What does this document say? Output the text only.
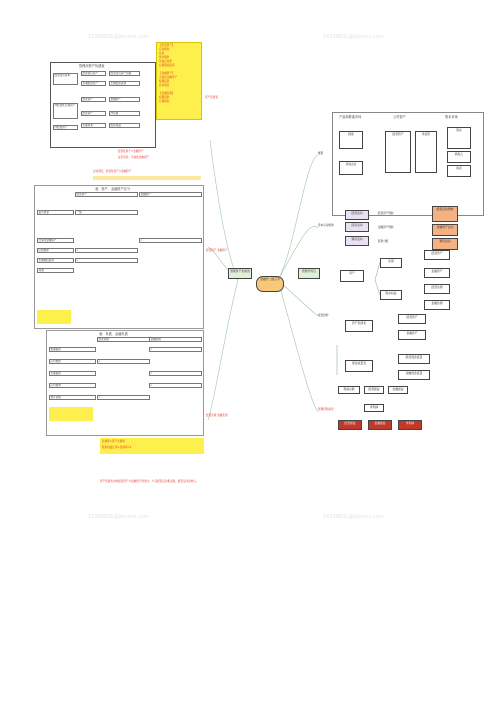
16189831@jianshu.com	16189831@jianshu.com
16189831@jianshu.com	16189831@jianshu.com
管理用资产负债表
经营营运资产	经营营运资产负债
长期经营资产	长期经营负债
经营资产	金融资产
经营资产	净负债
长期资本	股东权益
经营营运资本
净经营性长期资产
净经营资产
【经营资产】
应收账款
存货
预付账款
其他应收款
长期股权投资
【金融资产】
交易性金融资产
短期投资
应收利息
【金融负债】
短期借款
长期借款
资产负债表
经营性资产=金融资产
货币资金、交易性金融资产
应收利息，经营性资产=金融资产
表：资产、金融资产区分
经营资产	金融资产
货币资金	一般
交易性金融资产	√
应收账款	√
长期股权投资	√
其他
经营资产 金融资产
表：负债、金融负债
经营负债	金融负债
短期借款	√
应付账款	√
长期借款	√
应付债券	√
预计负债	√
经营负债 金融负债
负债率=资产负债率
股东权益比率+负债率=1
资产负债表中的经营资产与金融资产的划分，与其经营活动相关联，经营活动是核心。
管理资产负债表
金融学二级章节
管理学科目
框架
产品和要素市场	公司资产	资本市场
顾客
其他企业
经营资产	净投资
股东
债权人
政府
资本运动规律
经营活动
投资活动
筹资活动
经营资产周转
金融资产周转
股利分配
经营活动周转
金融资产活动
筹资活动
报表结构
资产
负债
股东权益
经营资产
金融资产
经营负债
金融负债
资产负债表
经营资产
金融资产
现金流量表
经营现金流量
金融现金流量
管理用利润表
利润总额	经营损益	金融损益
净利润
经营损益	金融损益	净利润
